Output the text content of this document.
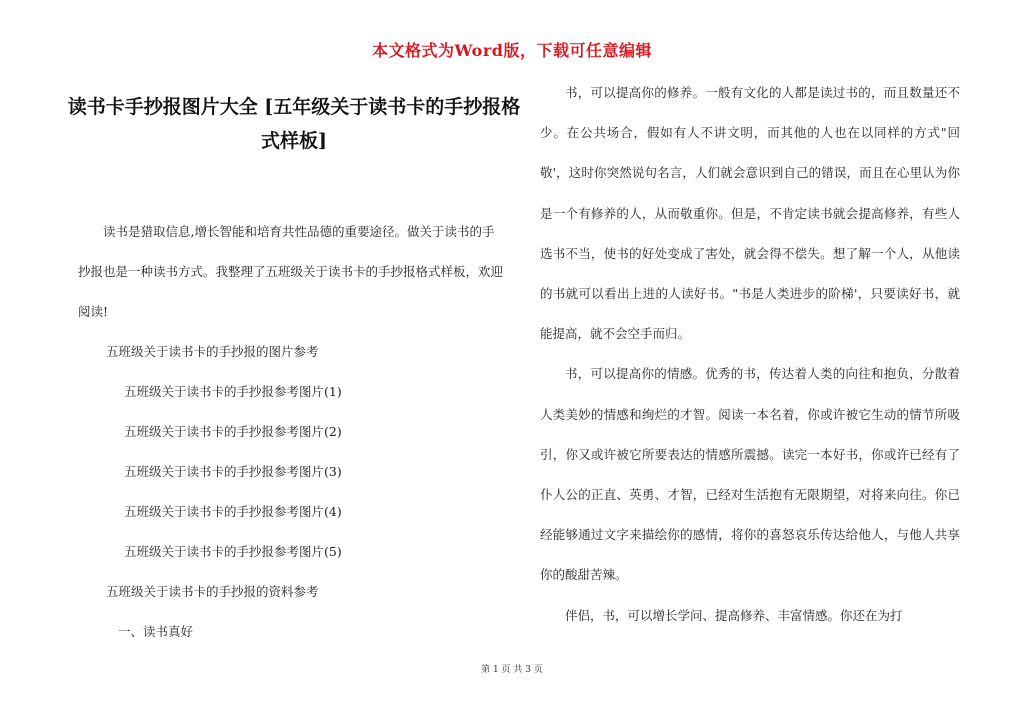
本文格式为Word版，下载可任意编辑
读书卡手抄报图片大全 [五年级关于读书卡的手抄报格式样板]

读书是猎取信息,增长智能和培育共性品德的重要途径。做关于读书的手抄报也是一种读书方式。我整理了五班级关于读书卡的手抄报格式样板，欢迎阅读!

五班级关于读书卡的手抄报的图片参考
五班级关于读书卡的手抄报参考图片(1)
五班级关于读书卡的手抄报参考图片(2)
五班级关于读书卡的手抄报参考图片(3)
五班级关于读书卡的手抄报参考图片(4)
五班级关于读书卡的手抄报参考图片(5)
五班级关于读书卡的手抄报的资料参考
一、读书真好

书，可以提高你的修养。一般有文化的人都是读过书的，而且数量还不少。在公共场合，假如有人不讲文明，而其他的人也在以同样的方式"回敬'，这时你突然说句名言，人们就会意识到自己的错误，而且在心里认为你是一个有修养的人，从而敬重你。但是，不肯定读书就会提高修养，有些人选书不当，使书的好处变成了害处，就会得不偿失。想了解一个人，从他读的书就可以看出上进的人读好书。"书是人类进步的阶梯'，只要读好书，就能提高，就不会空手而归。

书，可以提高你的情感。优秀的书，传达着人类的向往和抱负，分散着人类美妙的情感和绚烂的才智。阅读一本名着，你或许被它生动的情节所吸引，你又或许被它所要表达的情感所震撼。读完一本好书，你或许已经有了仆人公的正直、英勇、才智，已经对生活抱有无限期望，对将来向往。你已经能够通过文字来描绘你的感情，将你的喜怒哀乐传达给他人，与他人共享你的酸甜苦辣。

伴侣，书，可以增长学问、提高修养、丰富情感。你还在为打

第 1 页 共 3 页
